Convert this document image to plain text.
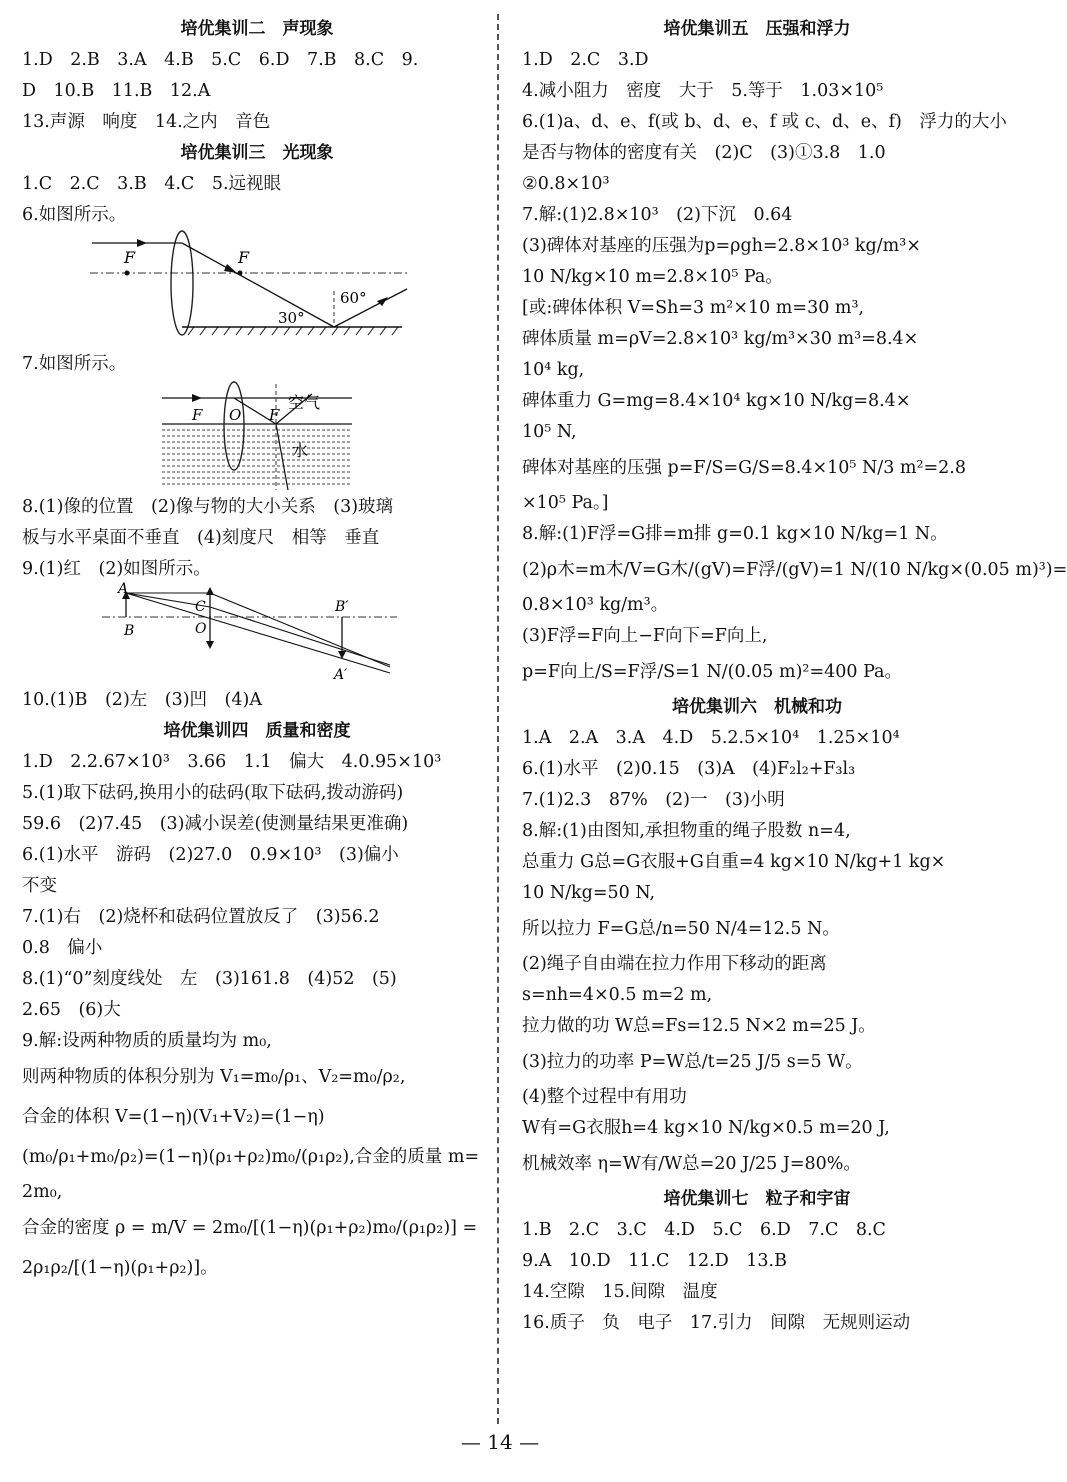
培优集训二　声现象
1.D　2.B　3.A　4.B　5.C　6.D　7.B　8.C　9.
D　10.B　11.B　12.A
13.声源　响度　14.之内　音色
培优集训三　光现象
1.C　2.C　3.B　4.C　5.远视眼
6.如图所示。
F	F
30°
60°
7.如图所示。
F O F
空气
水
8.(1)像的位置　(2)像与物的大小关系　(3)玻璃
板与水平桌面不垂直　(4)刻度尺　相等　垂直
9.(1)红　(2)如图所示。
A
B
C
O
B′
A′
10.(1)B　(2)左　(3)凹　(4)A
培优集训四　质量和密度
1.D　2.2.67×10³　3.66　1.1　偏大　4.0.95×10³
5.(1)取下砝码,换用小的砝码(取下砝码,拨动游码)
59.6　(2)7.45　(3)减小误差(使测量结果更准确)
6.(1)水平　游码　(2)27.0　0.9×10³　(3)偏小
不变
7.(1)右　(2)烧杯和砝码位置放反了　(3)56.2
0.8　偏小
8.(1)“0”刻度线处　左　(3)161.8　(4)52　(5)
2.65　(6)大
9.解:设两种物质的质量均为 m₀,
则两种物质的体积分别为 V₁=m₀/ρ₁、V₂=m₀/ρ₂,
合金的体积 V=(1−η)(V₁+V₂)=(1−η)
(m₀/ρ₁+m₀/ρ₂)=(1−η)(ρ₁+ρ₂)m₀/(ρ₁ρ₂),合金的质量 m=
2m₀,
合金的密度 ρ = m/V = 2m₀/[(1−η)(ρ₁+ρ₂)m₀/(ρ₁ρ₂)] =
2ρ₁ρ₂/[(1−η)(ρ₁+ρ₂)]。
培优集训五　压强和浮力
1.D　2.C　3.D
4.减小阻力　密度　大于　5.等于　1.03×10⁵
6.(1)a、d、e、f(或 b、d、e、f 或 c、d、e、f)　浮力的大小
是否与物体的密度有关　(2)C　(3)①3.8　1.0
②0.8×10³
7.解:(1)2.8×10³　(2)下沉　0.64
(3)碑体对基座的压强为p=ρgh=2.8×10³ kg/m³×
10 N/kg×10 m=2.8×10⁵ Pa。
[或:碑体体积 V=Sh=3 m²×10 m=30 m³,
碑体质量 m=ρV=2.8×10³ kg/m³×30 m³=8.4×
10⁴ kg,
碑体重力 G=mg=8.4×10⁴ kg×10 N/kg=8.4×
10⁵ N,
碑体对基座的压强 p=F/S=G/S=8.4×10⁵ N/3 m²=2.8
×10⁵ Pa。]
8.解:(1)F浮=G排=m排 g=0.1 kg×10 N/kg=1 N。
(2)ρ木=m木/V=G木/(gV)=F浮/(gV)=1 N/(10 N/kg×(0.05 m)³)=
0.8×10³ kg/m³。
(3)F浮=F向上−F向下=F向上,
p=F向上/S=F浮/S=1 N/(0.05 m)²=400 Pa。
培优集训六　机械和功
1.A　2.A　3.A　4.D　5.2.5×10⁴　1.25×10⁴
6.(1)水平　(2)0.15　(3)A　(4)F₂l₂+F₃l₃
7.(1)2.3　87%　(2)一　(3)小明
8.解:(1)由图知,承担物重的绳子股数 n=4,
总重力 G总=G衣服+G自重=4 kg×10 N/kg+1 kg×
10 N/kg=50 N,
所以拉力 F=G总/n=50 N/4=12.5 N。
(2)绳子自由端在拉力作用下移动的距离
s=nh=4×0.5 m=2 m,
拉力做的功 W总=Fs=12.5 N×2 m=25 J。
(3)拉力的功率 P=W总/t=25 J/5 s=5 W。
(4)整个过程中有用功
W有=G衣服h=4 kg×10 N/kg×0.5 m=20 J,
机械效率 η=W有/W总=20 J/25 J=80%。
培优集训七　粒子和宇宙
1.B　2.C　3.C　4.D　5.C　6.D　7.C　8.C
9.A　10.D　11.C　12.D　13.B
14.空隙　15.间隙　温度
16.质子　负　电子　17.引力　间隙　无规则运动
— 14 —
